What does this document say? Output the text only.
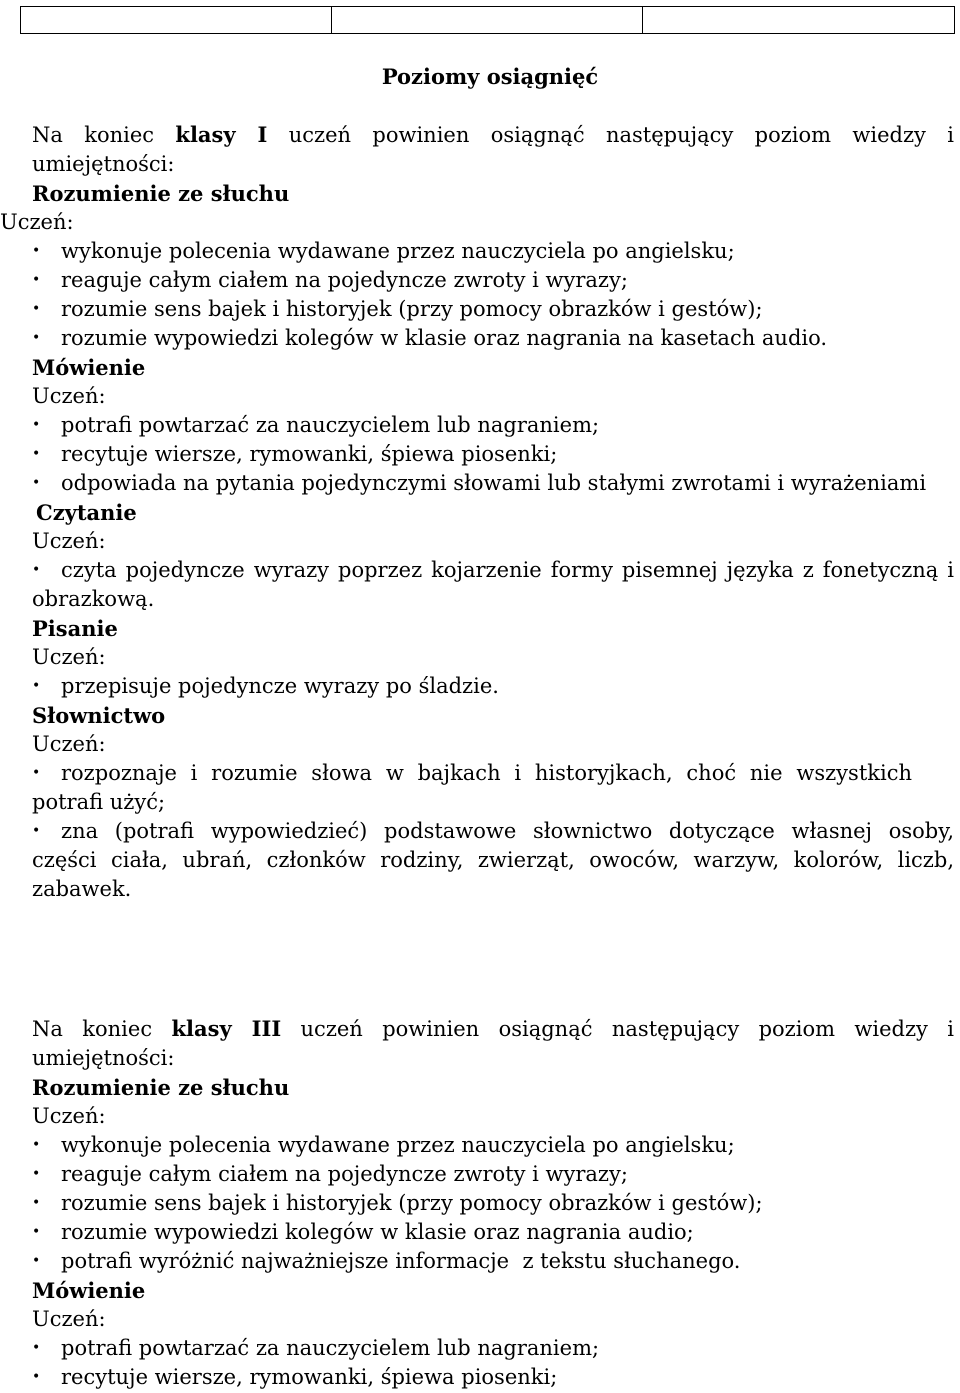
Poziomy osiągnięć

Na koniec klasy I uczeń powinien osiągnąć następujący poziom wiedzy i umiejętności:

Rozumienie ze słuchu

Uczeń:

• wykonuje polecenia wydawane przez nauczyciela po angielsku;
• reaguje całym ciałem na pojedyncze zwroty i wyrazy;
• rozumie sens bajek i historyjek (przy pomocy obrazków i gestów);
• rozumie wypowiedzi kolegów w klasie oraz nagrania na kasetach audio.

Mówienie

Uczeń:

• potrafi powtarzać za nauczycielem lub nagraniem;
• recytuje wiersze, rymowanki, śpiewa piosenki;
• odpowiada na pytania pojedynczymi słowami lub stałymi zwrotami i wyrażeniami

Czytanie

Uczeń:

• czyta pojedyncze wyrazy poprzez kojarzenie formy pisemnej języka z fonetyczną i obrazkową.

Pisanie

Uczeń:

• przepisuje pojedyncze wyrazy po śladzie.

Słownictwo

Uczeń:

• rozpoznaje i rozumie słowa w bajkach i historyjkach, choć nie wszystkich potrafi użyć;
• zna (potrafi wypowiedzieć) podstawowe słownictwo dotyczące własnej osoby, części ciała, ubrań, członków rodziny, zwierząt, owoców, warzyw, kolorów, liczb, zabawek.

Na koniec klasy III uczeń powinien osiągnąć następujący poziom wiedzy i umiejętności:

Rozumienie ze słuchu

Uczeń:

• wykonuje polecenia wydawane przez nauczyciela po angielsku;
• reaguje całym ciałem na pojedyncze zwroty i wyrazy;
• rozumie sens bajek i historyjek (przy pomocy obrazków i gestów);
• rozumie wypowiedzi kolegów w klasie oraz nagrania audio;
• potrafi wyróżnić najważniejsze informacje  z tekstu słuchanego.

Mówienie

Uczeń:

• potrafi powtarzać za nauczycielem lub nagraniem;
• recytuje wiersze, rymowanki, śpiewa piosenki;
